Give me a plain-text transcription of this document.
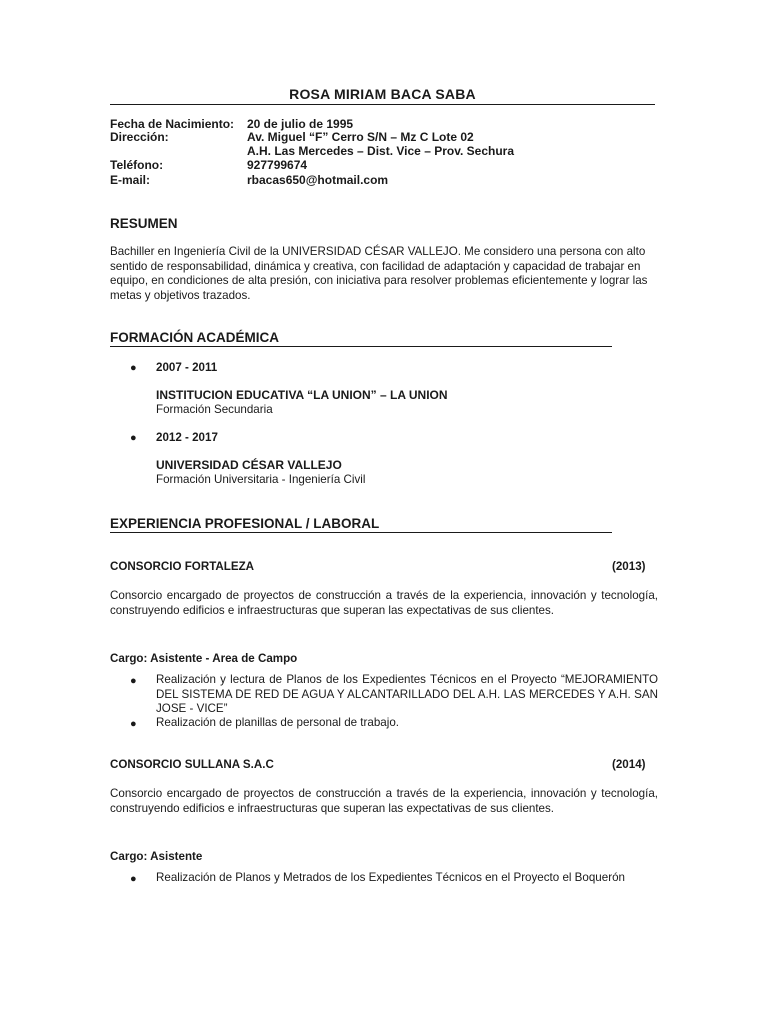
ROSA MIRIAM BACA SABA
Fecha de Nacimiento: 20 de julio de 1995
Dirección:	Av. Miguel “F” Cerro S/N – Mz C Lote 02
A.H. Las Mercedes – Dist. Vice – Prov. Sechura
Teléfono:	927799674
E-mail:	rbacas650@hotmail.com
RESUMEN
Bachiller en Ingeniería Civil de la UNIVERSIDAD CÉSAR VALLEJO. Me considero una persona con alto sentido de responsabilidad, dinámica y creativa, con facilidad de adaptación y capacidad de trabajar en equipo, en condiciones de alta presión, con iniciativa para resolver problemas eficientemente y lograr las metas y objetivos trazados.
FORMACIÓN ACADÉMICA
● 2007 - 2011
INSTITUCION EDUCATIVA “LA UNION” – LA UNION
Formación Secundaria
● 2012 - 2017
UNIVERSIDAD CÉSAR VALLEJO
Formación Universitaria - Ingeniería Civil
EXPERIENCIA PROFESIONAL / LABORAL
CONSORCIO FORTALEZA	(2013)
Consorcio encargado de proyectos de construcción a través de la experiencia, innovación y tecnología, construyendo edificios e infraestructuras que superan las expectativas de sus clientes.
Cargo: Asistente - Area de Campo
● Realización y lectura de Planos de los Expedientes Técnicos en el Proyecto “MEJORAMIENTO DEL SISTEMA DE RED DE AGUA Y ALCANTARILLADO DEL A.H. LAS MERCEDES Y A.H. SAN JOSE - VICE”
● Realización de planillas de personal de trabajo.
CONSORCIO SULLANA S.A.C	(2014)
Consorcio encargado de proyectos de construcción a través de la experiencia, innovación y tecnología, construyendo edificios e infraestructuras que superan las expectativas de sus clientes.
Cargo: Asistente
● Realización de Planos y Metrados de los Expedientes Técnicos en el Proyecto el Boquerón
